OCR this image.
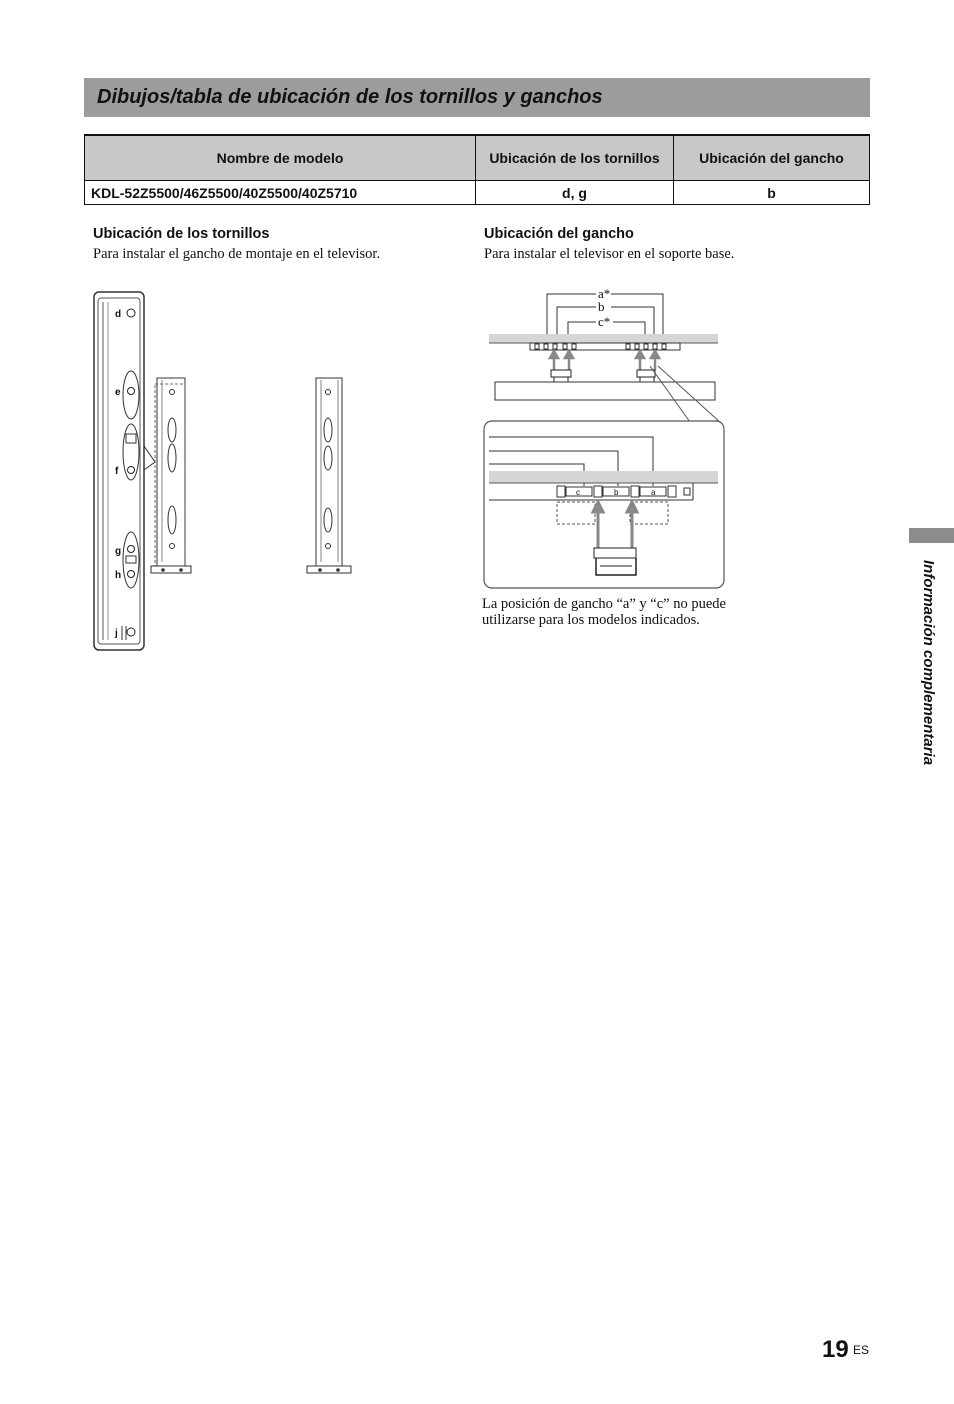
Dibujos/tabla de ubicación de los tornillos y ganchos
Nombre de modelo	Ubicación de los tornillos	Ubicación del gancho
KDL-52Z5500/46Z5500/40Z5500/40Z5710	d, g	b
Ubicación de los tornillos
Para instalar el gancho de montaje en el televisor.
Ubicación del gancho
Para instalar el televisor en el soporte base.
d
e
f
g
h
j
a*
b
c*
c	b	a
La posición de gancho “a” y “c” no puede utilizarse para los modelos indicados.	Información complementaria
19 ES
